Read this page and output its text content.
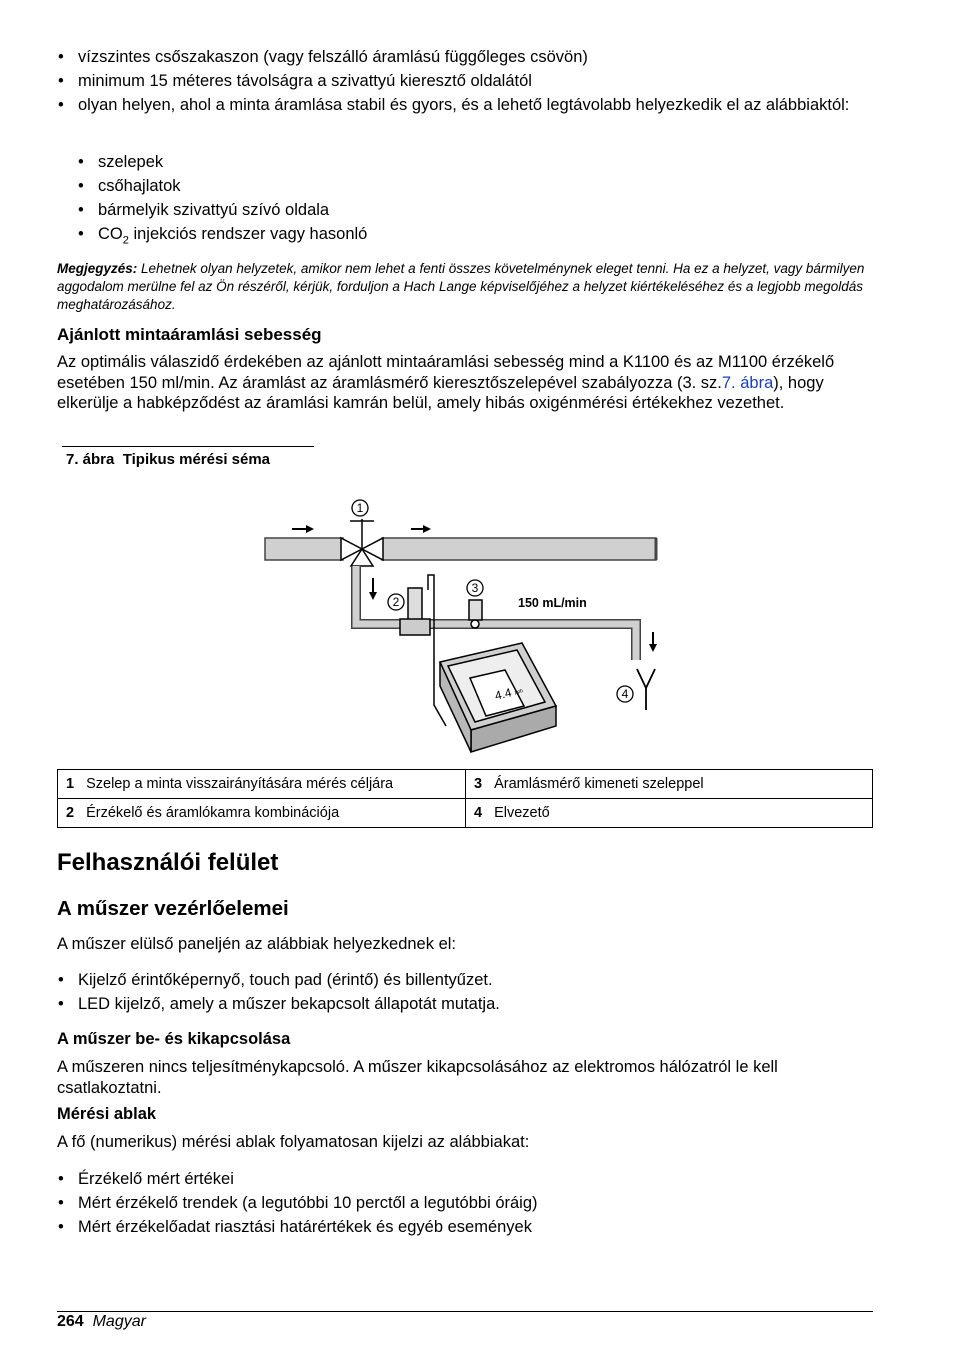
• vízszintes csőszakaszon (vagy felszálló áramlású függőleges csövön)
• minimum 15 méteres távolságra a szivattyú kieresztő oldalától
• olyan helyen, ahol a minta áramlása stabil és gyors, és a lehető legtávolabb helyezkedik el az alábbiaktól:
• szelepek
• csőhajlatok
• bármelyik szivattyú szívó oldala
• $CO_2$ injekciós rendszer vagy hasonló
Megjegyzés: Lehetnek olyan helyzetek, amikor nem lehet a fenti összes követelménynek eleget tenni. Ha ez a helyzet, vagy bármilyen aggodalom merülne fel az Ön részéről, kérjük, forduljon a Hach Lange képviselőjéhez a helyzet kiértékeléséhez és a legjobb megoldás meghatározásához.
Ajánlott mintaáramlási sebesség

Az optimális válaszidő érdekében az ajánlott mintaáramlási sebesség mind a K1100 és az M1100 érzékelő esetében 150 ml/min. Az áramlást az áramlásmérő kieresztőszelepével szabályozza (3. sz.7. ábra), hogy elkerülje a habképződést az áramlási kamrán belül, amely hibás oxigénmérési értékekhez vezethet.

7. ábra Tipikus mérési séma
4.4 ppb
1
2
3
4
150 mL/min
1 Szelep a minta visszairányítására mérés céljára	3 Áramlásmérő kimeneti szeleppel
2 Érzékelő és áramlókamra kombinációja	4 Elvezető
Felhasználói felület
A műszer vezérlőelemei

A műszer elülső paneljén az alábbiak helyezkednek el:

• Kijelző érintőképernyő, touch pad (érintő) és billentyűzet.
• LED kijelző, amely a műszer bekapcsolt állapotát mutatja.
A műszer be- és kikapcsolása

A műszeren nincs teljesítménykapcsoló. A műszer kikapcsolásához az elektromos hálózatról le kell csatlakoztatni.

Mérési ablak

A fő (numerikus) mérési ablak folyamatosan kijelzi az alábbiakat:

• Érzékelő mért értékei
• Mért érzékelő trendek (a legutóbbi 10 perctől a legutóbbi óráig)
• Mért érzékelőadat riasztási határértékek és egyéb események
264 Magyar
